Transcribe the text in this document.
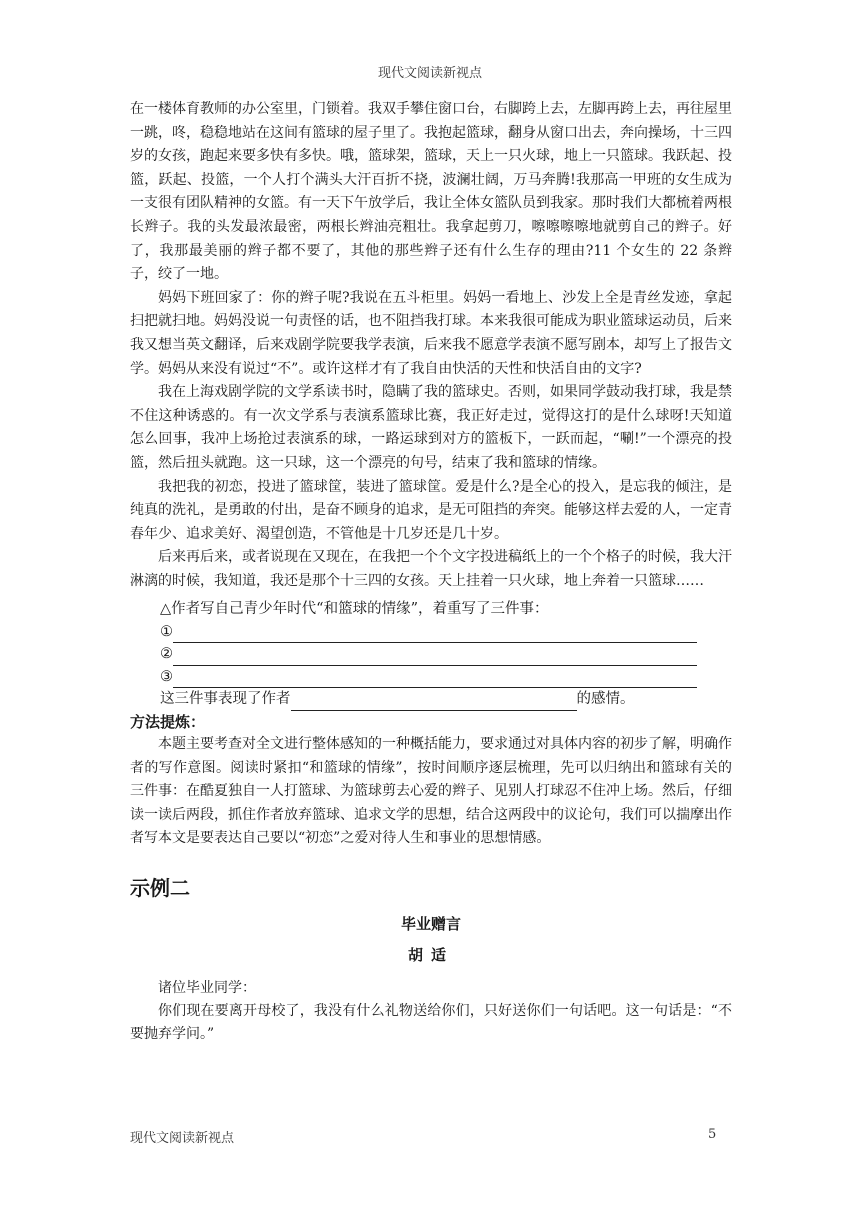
现代文阅读新视点

在一楼体育教师的办公室里，门锁着。我双手攀住窗口台，右脚跨上去，左脚再跨上去，再往屋里一跳，咚，稳稳地站在这间有篮球的屋子里了。我抱起篮球，翻身从窗口出去，奔向操场，十三四岁的女孩，跑起来要多快有多快。哦，篮球架，篮球，天上一只火球，地上一只篮球。我跃起、投篮，跃起、投篮，一个人打个满头大汗百折不挠，波澜壮阔，万马奔腾!我那高一甲班的女生成为一支很有团队精神的女篮。有一天下午放学后，我让全体女篮队员到我家。那时我们大都梳着两根长辫子。我的头发最浓最密，两根长辫油亮粗壮。我拿起剪刀，嚓嚓嚓嚓地就剪自己的辫子。好了，我那最美丽的辫子都不要了，其他的那些辫子还有什么生存的理由?11 个女生的 22 条辫子，绞了一地。

妈妈下班回家了：你的辫子呢?我说在五斗柜里。妈妈一看地上、沙发上全是青丝发迹，拿起扫把就扫地。妈妈没说一句责怪的话，也不阻挡我打球。本来我很可能成为职业篮球运动员，后来我又想当英文翻译，后来戏剧学院要我学表演，后来我不愿意学表演不愿写剧本，却写上了报告文学。妈妈从来没有说过“不”。或许这样才有了我自由快活的天性和快活自由的文字?

我在上海戏剧学院的文学系读书时，隐瞒了我的篮球史。否则，如果同学鼓动我打球，我是禁不住这种诱惑的。有一次文学系与表演系篮球比赛，我正好走过，觉得这打的是什么球呀!天知道怎么回事，我冲上场抢过表演系的球，一路运球到对方的篮板下，一跃而起，“唰!”一个漂亮的投篮，然后扭头就跑。这一只球，这一个漂亮的句号，结束了我和篮球的情缘。

我把我的初恋，投进了篮球筐，装进了篮球筐。爱是什么?是全心的投入，是忘我的倾注，是纯真的洗礼，是勇敢的付出，是奋不顾身的追求，是无可阻挡的奔突。能够这样去爱的人，一定青春年少、追求美好、渴望创造，不管他是十几岁还是几十岁。

后来再后来，或者说现在又现在，在我把一个个文字投进稿纸上的一个个格子的时候，我大汗淋漓的时候，我知道，我还是那个十三四的女孩。天上挂着一只火球，地上奔着一只篮球……

△作者写自己青少年时代“和篮球的情缘”，着重写了三件事：

①
②
③
这三件事表现了作者	的感情。

方法提炼：

本题主要考查对全文进行整体感知的一种概括能力，要求通过对具体内容的初步了解，明确作者的写作意图。阅读时紧扣“和篮球的情缘”，按时间顺序逐层梳理，先可以归纳出和篮球有关的三件事：在酷夏独自一人打篮球、为篮球剪去心爱的辫子、见别人打球忍不住冲上场。然后，仔细读一读后两段，抓住作者放弃篮球、追求文学的思想，结合这两段中的议论句，我们可以揣摩出作者写本文是要表达自己要以“初恋”之爱对待人生和事业的思想情感。

示例二

毕业赠言

胡适

诸位毕业同学：

你们现在要离开母校了，我没有什么礼物送给你们，只好送你们一句话吧。这一句话是：“不要抛弃学问。”

现代文阅读新视点	5
